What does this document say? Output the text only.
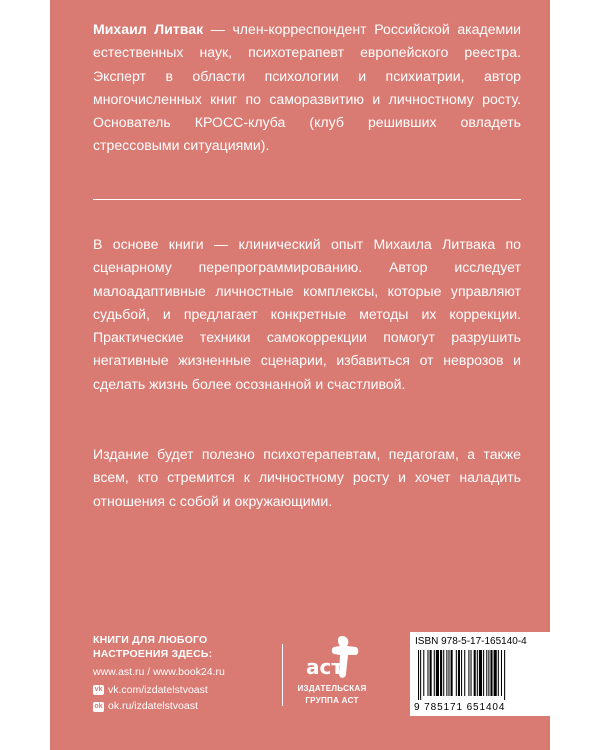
Михаил Литвак — член-корреспондент Российской академии естественных наук, психотерапевт европейского реестра. Эксперт в области психологии и психиатрии, автор многочисленных книг по саморазвитию и личностному росту. Основатель КРОСС-клуба (клуб решивших овладеть стрессовыми ситуациями).

В основе книги — клинический опыт Михаила Литвака по сценарному перепрограммированию. Автор исследует малоадаптивные личностные комплексы, которые управляют судьбой, и предлагает конкретные методы их коррекции. Практические техники самокоррекции помогут разрушить негативные жизненные сценарии, избавиться от неврозов и сделать жизнь более осознанной и счастливой.

Издание будет полезно психотерапевтам, педагогам, а также всем, кто стремится к личностному росту и хочет наладить отношения с собой и окружающими.

КНИГИ ДЛЯ ЛЮБОГО
НАСТРОЕНИЯ ЗДЕСЬ:
www.ast.ru / www.book24.ru
vk vk.com/izdatelstvoast
ok ok.ru/izdatelstvoast
аст
ИЗДАТЕЛЬСКАЯ
ГРУППА АСТ
ISBN 978-5-17-165140-4
9 785171 651404
